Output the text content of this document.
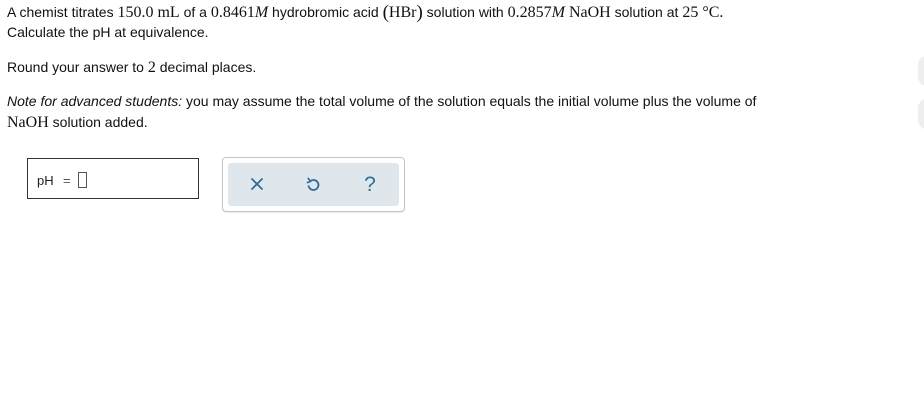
A chemist titrates 150.0 mL of a 0.8461M hydrobromic acid (HBr) solution with 0.2857M NaOH solution at 25 °C.
Calculate the pH at equivalence.
Round your answer to 2 decimal places.
Note for advanced students: you may assume the total volume of the solution equals the initial volume plus the volume of
NaOH solution added.
pH =	?
